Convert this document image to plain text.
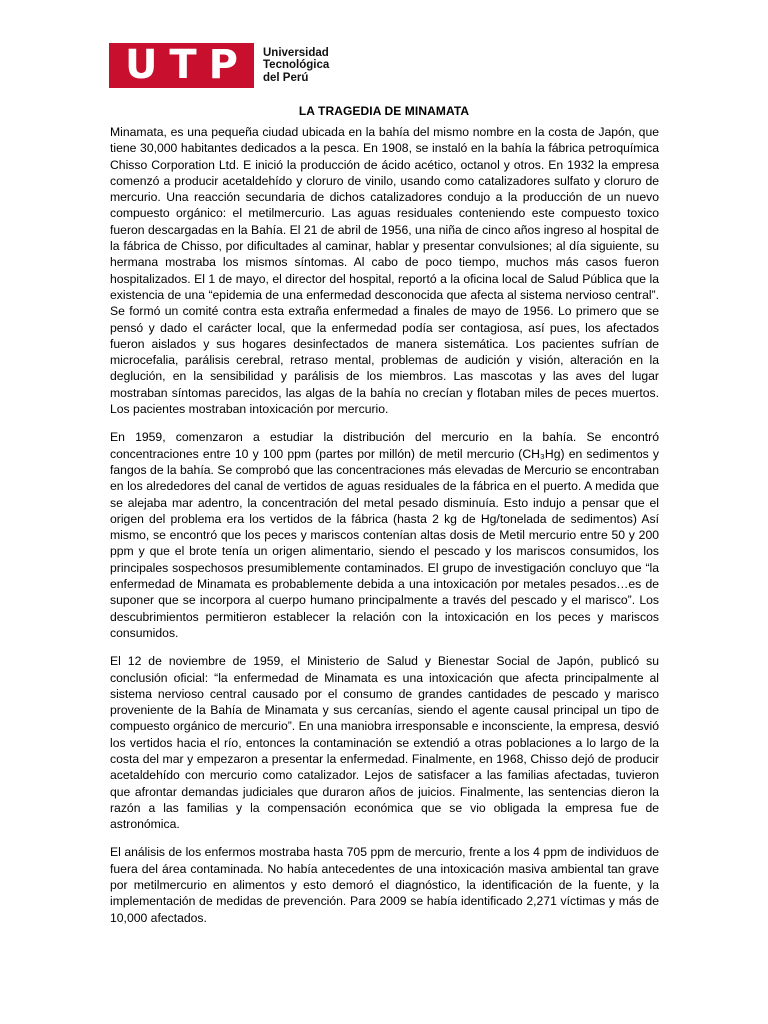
U T P Universidad
Tecnológica
del Perú
LA TRAGEDIA DE MINAMATA

Minamata, es una pequeña ciudad ubicada en la bahía del mismo nombre en la costa de Japón, que tiene 30,000 habitantes dedicados a la pesca. En 1908, se instaló en la bahía la fábrica petroquímica Chisso Corporation Ltd. E inició la producción de ácido acético, octanol y otros. En 1932 la empresa comenzó a producir acetaldehído y cloruro de vinilo, usando como catalizadores sulfato y cloruro de mercurio. Una reacción secundaria de dichos catalizadores condujo a la producción de un nuevo compuesto orgánico: el metilmercurio. Las aguas residuales conteniendo este compuesto toxico fueron descargadas en la Bahía. El 21 de abril de 1956, una niña de cinco años ingreso al hospital de la fábrica de Chisso, por dificultades al caminar, hablar y presentar convulsiones; al día siguiente, su hermana mostraba los mismos síntomas. Al cabo de poco tiempo, muchos más casos fueron hospitalizados. El 1 de mayo, el director del hospital, reportó a la oficina local de Salud Pública que la existencia de una “epidemia de una enfermedad desconocida que afecta al sistema nervioso central”. Se formó un comité contra esta extraña enfermedad a finales de mayo de 1956. Lo primero que se pensó y dado el carácter local, que la enfermedad podía ser contagiosa, así pues, los afectados fueron aislados y sus hogares desinfectados de manera sistemática. Los pacientes sufrían de microcefalia, parálisis cerebral, retraso mental, problemas de audición y visión, alteración en la deglución, en la sensibilidad y parálisis de los miembros. Las mascotas y las aves del lugar mostraban síntomas parecidos, las algas de la bahía no crecían y flotaban miles de peces muertos. Los pacientes mostraban intoxicación por mercurio.

En 1959, comenzaron a estudiar la distribución del mercurio en la bahía. Se encontró concentraciones entre 10 y 100 ppm (partes por millón) de metil mercurio (CH₃Hg) en sedimentos y fangos de la bahía. Se comprobó que las concentraciones más elevadas de Mercurio se encontraban en los alrededores del canal de vertidos de aguas residuales de la fábrica en el puerto. A medida que se alejaba mar adentro, la concentración del metal pesado disminuía. Esto indujo a pensar que el origen del problema era los vertidos de la fábrica (hasta 2 kg de Hg/tonelada de sedimentos) Así mismo, se encontró que los peces y mariscos contenían altas dosis de Metil mercurio entre 50 y 200 ppm y que el brote tenía un origen alimentario, siendo el pescado y los mariscos consumidos, los principales sospechosos presumiblemente contaminados. El grupo de investigación concluyo que “la enfermedad de Minamata es probablemente debida a una intoxicación por metales pesados…es de suponer que se incorpora al cuerpo humano principalmente a través del pescado y el marisco”. Los descubrimientos permitieron establecer la relación con la intoxicación en los peces y mariscos consumidos.

El 12 de noviembre de 1959, el Ministerio de Salud y Bienestar Social de Japón, publicó su conclusión oficial: “la enfermedad de Minamata es una intoxicación que afecta principalmente al sistema nervioso central causado por el consumo de grandes cantidades de pescado y marisco proveniente de la Bahía de Minamata y sus cercanías, siendo el agente causal principal un tipo de compuesto orgánico de mercurio”. En una maniobra irresponsable e inconsciente, la empresa, desvió los vertidos hacia el río, entonces la contaminación se extendió a otras poblaciones a lo largo de la costa del mar y empezaron a presentar la enfermedad. Finalmente, en 1968, Chisso dejó de producir acetaldehído con mercurio como catalizador. Lejos de satisfacer a las familias afectadas, tuvieron que afrontar demandas judiciales que duraron años de juicios. Finalmente, las sentencias dieron la razón a las familias y la compensación económica que se vio obligada la empresa fue de astronómica.

El análisis de los enfermos mostraba hasta 705 ppm de mercurio, frente a los 4 ppm de individuos de fuera del área contaminada. No había antecedentes de una intoxicación masiva ambiental tan grave por metilmercurio en alimentos y esto demoró el diagnóstico, la identificación de la fuente, y la implementación de medidas de prevención. Para 2009 se había identificado 2,271 víctimas y más de 10,000 afectados.
